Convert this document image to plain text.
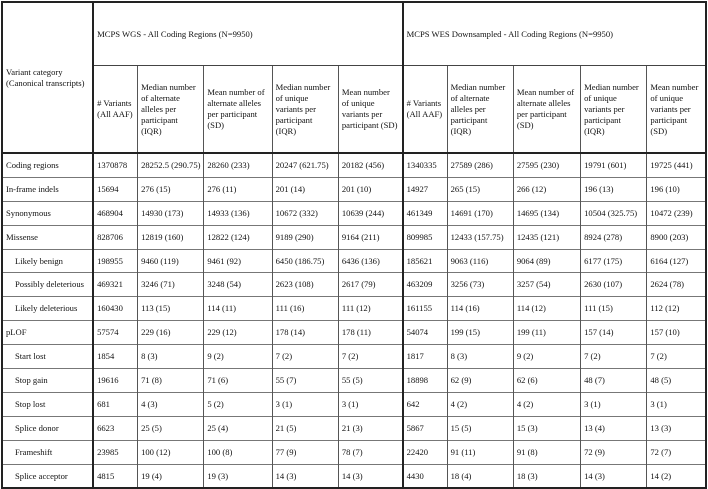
Variant category (Canonical transcripts)	MCPS WGS - All Coding Regions (N=9950)					MCPS WES Downsampled - All Coding Regions (N=9950)				
	# Variants (All AAF)	Median number of alternate alleles per participant (IQR)	Mean number of alternate alleles per participant (SD)	Median number of unique variants per participant (IQR)	Mean number of unique variants per participant (SD)	# Variants (All AAF)	Median number of alternate alleles per participant (IQR)	Mean number of alternate alleles per participant (SD)	Median number of unique variants per participant (IQR)	Mean number of unique variants per participant (SD)
Coding regions	1370878	28252.5 (290.75)	28260 (233)	20247 (621.75)	20182 (456)	1340335	27589 (286)	27595 (230)	19791 (601)	19725 (441)
In-frame indels	15694	276 (15)	276 (11)	201 (14)	201 (10)	14927	265 (15)	266 (12)	196 (13)	196 (10)
Synonymous	468904	14930 (173)	14933 (136)	10672 (332)	10639 (244)	461349	14691 (170)	14695 (134)	10504 (325.75)	10472 (239)
Missense	828706	12819 (160)	12822 (124)	9189 (290)	9164 (211)	809985	12433 (157.75)	12435 (121)	8924 (278)	8900 (203)
Likely benign	198955	9460 (119)	9461 (92)	6450 (186.75)	6436 (136)	185621	9063 (116)	9064 (89)	6177 (175)	6164 (127)
Possibly deleterious	469321	3246 (71)	3248 (54)	2623 (108)	2617 (79)	463209	3256 (73)	3257 (54)	2630 (107)	2624 (78)
Likely deleterious	160430	113 (15)	114 (11)	111 (16)	111 (12)	161155	114 (16)	114 (12)	111 (15)	112 (12)
pLOF	57574	229 (16)	229 (12)	178 (14)	178 (11)	54074	199 (15)	199 (11)	157 (14)	157 (10)
Start lost	1854	8 (3)	9 (2)	7 (2)	7 (2)	1817	8 (3)	9 (2)	7 (2)	7 (2)
Stop gain	19616	71 (8)	71 (6)	55 (7)	55 (5)	18898	62 (9)	62 (6)	48 (7)	48 (5)
Stop lost	681	4 (3)	5 (2)	3 (1)	3 (1)	642	4 (2)	4 (2)	3 (1)	3 (1)
Splice donor	6623	25 (5)	25 (4)	21 (5)	21 (3)	5867	15 (5)	15 (3)	13 (4)	13 (3)
Frameshift	23985	100 (12)	100 (8)	77 (9)	78 (7)	22420	91 (11)	91 (8)	72 (9)	72 (7)
Splice acceptor	4815	19 (4)	19 (3)	14 (3)	14 (3)	4430	18 (4)	18 (3)	14 (3)	14 (2)
